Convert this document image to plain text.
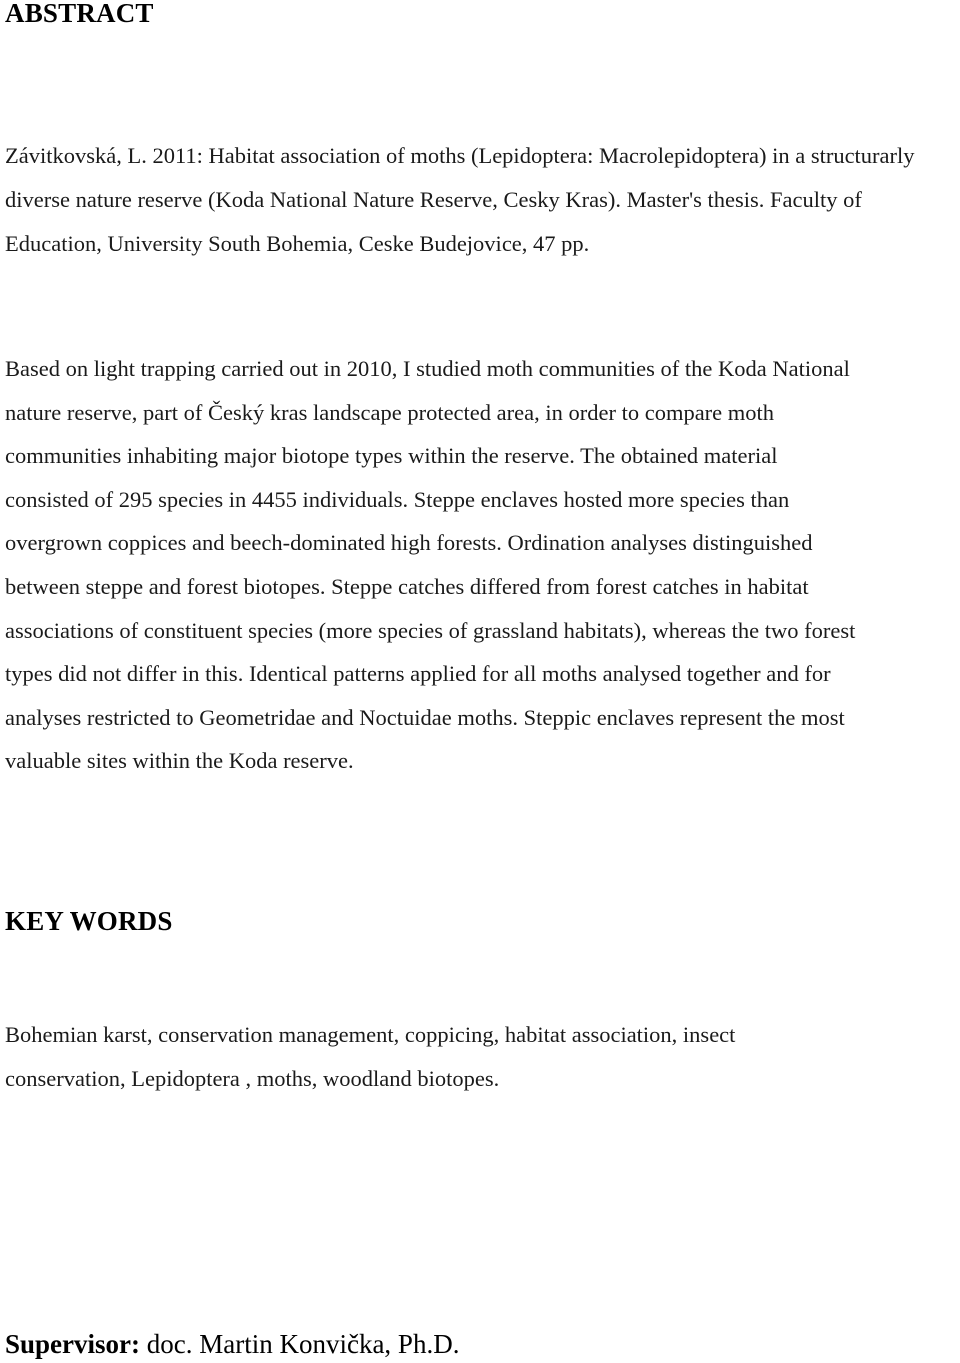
ABSTRACT

Závitkovská, L. 2011: Habitat association of moths (Lepidoptera: Macrolepidoptera) in a structurarly diverse nature reserve (Koda National Nature Reserve, Cesky Kras). Master's thesis. Faculty of Education, University South Bohemia, Ceske Budejovice, 47 pp.

Based on light trapping carried out in 2010, I studied moth communities of the Koda National
nature reserve, part of Český kras landscape protected area, in order to compare moth
communities inhabiting major biotope types within the reserve. The obtained material
consisted of 295 species in 4455 individuals. Steppe enclaves hosted more species than
overgrown coppices and beech-dominated high forests. Ordination analyses distinguished
between steppe and forest biotopes. Steppe catches differed from forest catches in habitat
associations of constituent species (more species of grassland habitats), whereas the two forest
types did not differ in this. Identical patterns applied for all moths analysed together and for
analyses restricted to Geometridae and Noctuidae moths. Steppic enclaves represent the most
valuable sites within the Koda reserve.

KEY WORDS

Bohemian karst, conservation management, coppicing, habitat association, insect
conservation, Lepidoptera , moths, woodland biotopes.

Supervisor: doc. Martin Konvička, Ph.D.
